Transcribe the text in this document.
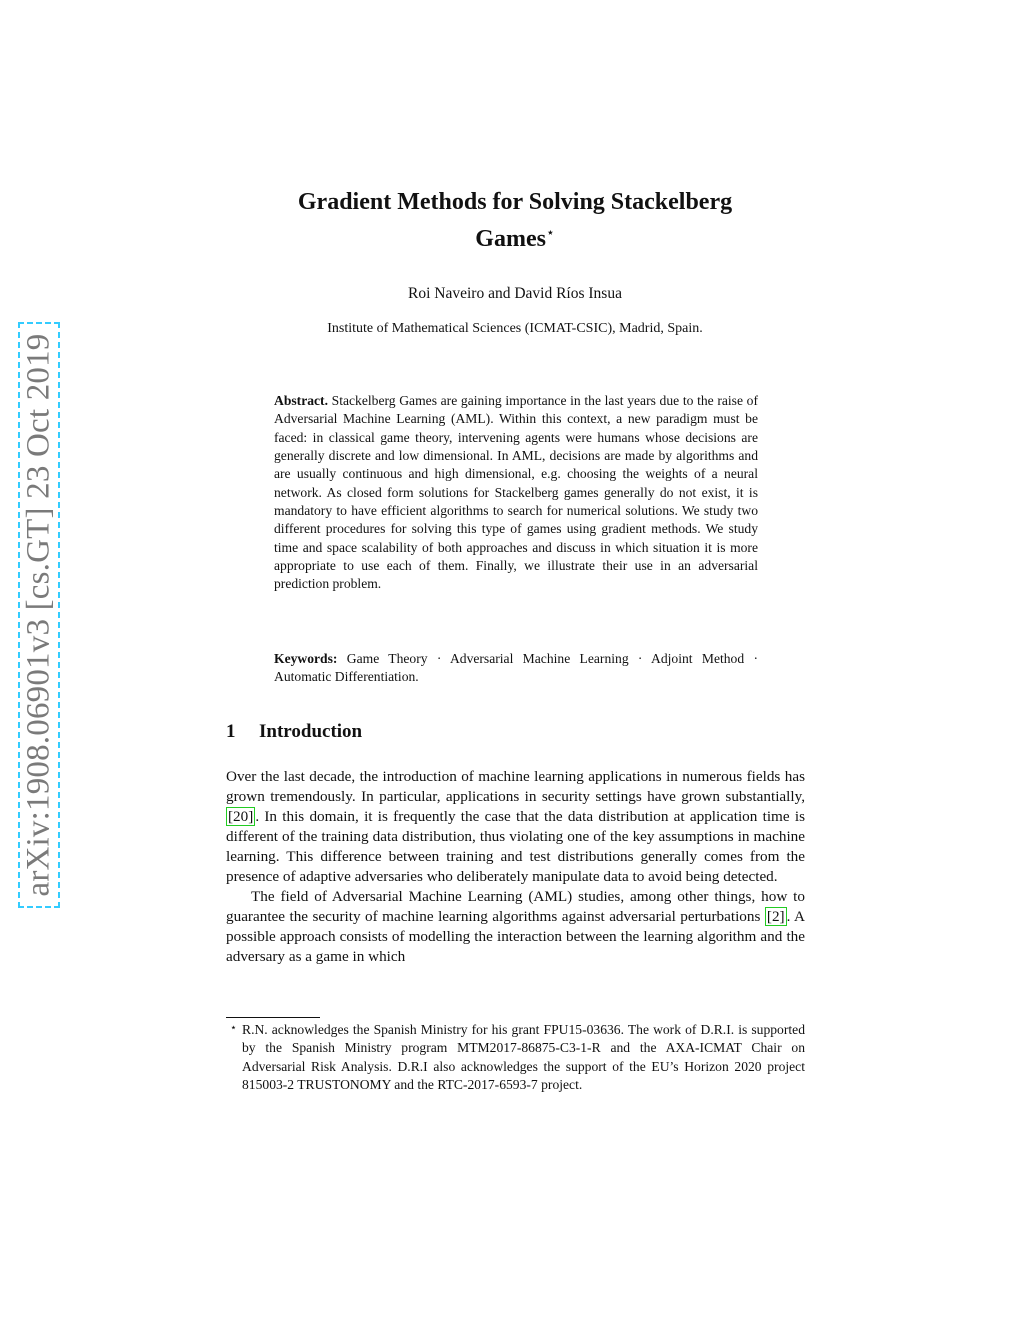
arXiv:1908.06901v3 [cs.GT] 23 Oct 2019
Gradient Methods for Solving Stackelberg
Games⋆
Roi Naveiro and David Ríos Insua
Institute of Mathematical Sciences (ICMAT-CSIC), Madrid, Spain.
Abstract. Stackelberg Games are gaining importance in the last years due to the raise of Adversarial Machine Learning (AML). Within this context, a new paradigm must be faced: in classical game theory, intervening agents were humans whose decisions are generally discrete and low dimensional. In AML, decisions are made by algorithms and are usually continuous and high dimensional, e.g. choosing the weights of a neural network. As closed form solutions for Stackelberg games generally do not exist, it is mandatory to have efficient algorithms to search for numerical solutions. We study two different procedures for solving this type of games using gradient methods. We study time and space scalability of both approaches and discuss in which situation it is more appropriate to use each of them. Finally, we illustrate their use in an adversarial prediction problem.
Keywords: Game Theory · Adversarial Machine Learning · Adjoint Method · Automatic Differentiation.
1 Introduction

Over the last decade, the introduction of machine learning applications in numerous fields has grown tremendously. In particular, applications in security settings have grown substantially, [20] . In this domain, it is frequently the case that the data distribution at application time is different of the training data distribution, thus violating one of the key assumptions in machine learning. This difference between training and test distributions generally comes from the presence of adaptive adversaries who deliberately manipulate data to avoid being detected.

The field of Adversarial Machine Learning (AML) studies, among other things, how to guarantee the security of machine learning algorithms against adversarial perturbations [2] . A possible approach consists of modelling the interaction between the learning algorithm and the adversary as a game in which

⋆ R.N. acknowledges the Spanish Ministry for his grant FPU15-03636. The work of D.R.I. is supported by the Spanish Ministry program MTM2017-86875-C3-1-R and the AXA-ICMAT Chair on Adversarial Risk Analysis. D.R.I also acknowledges the support of the EU’s Horizon 2020 project 815003-2 TRUSTONOMY and the RTC-2017-6593-7 project.
